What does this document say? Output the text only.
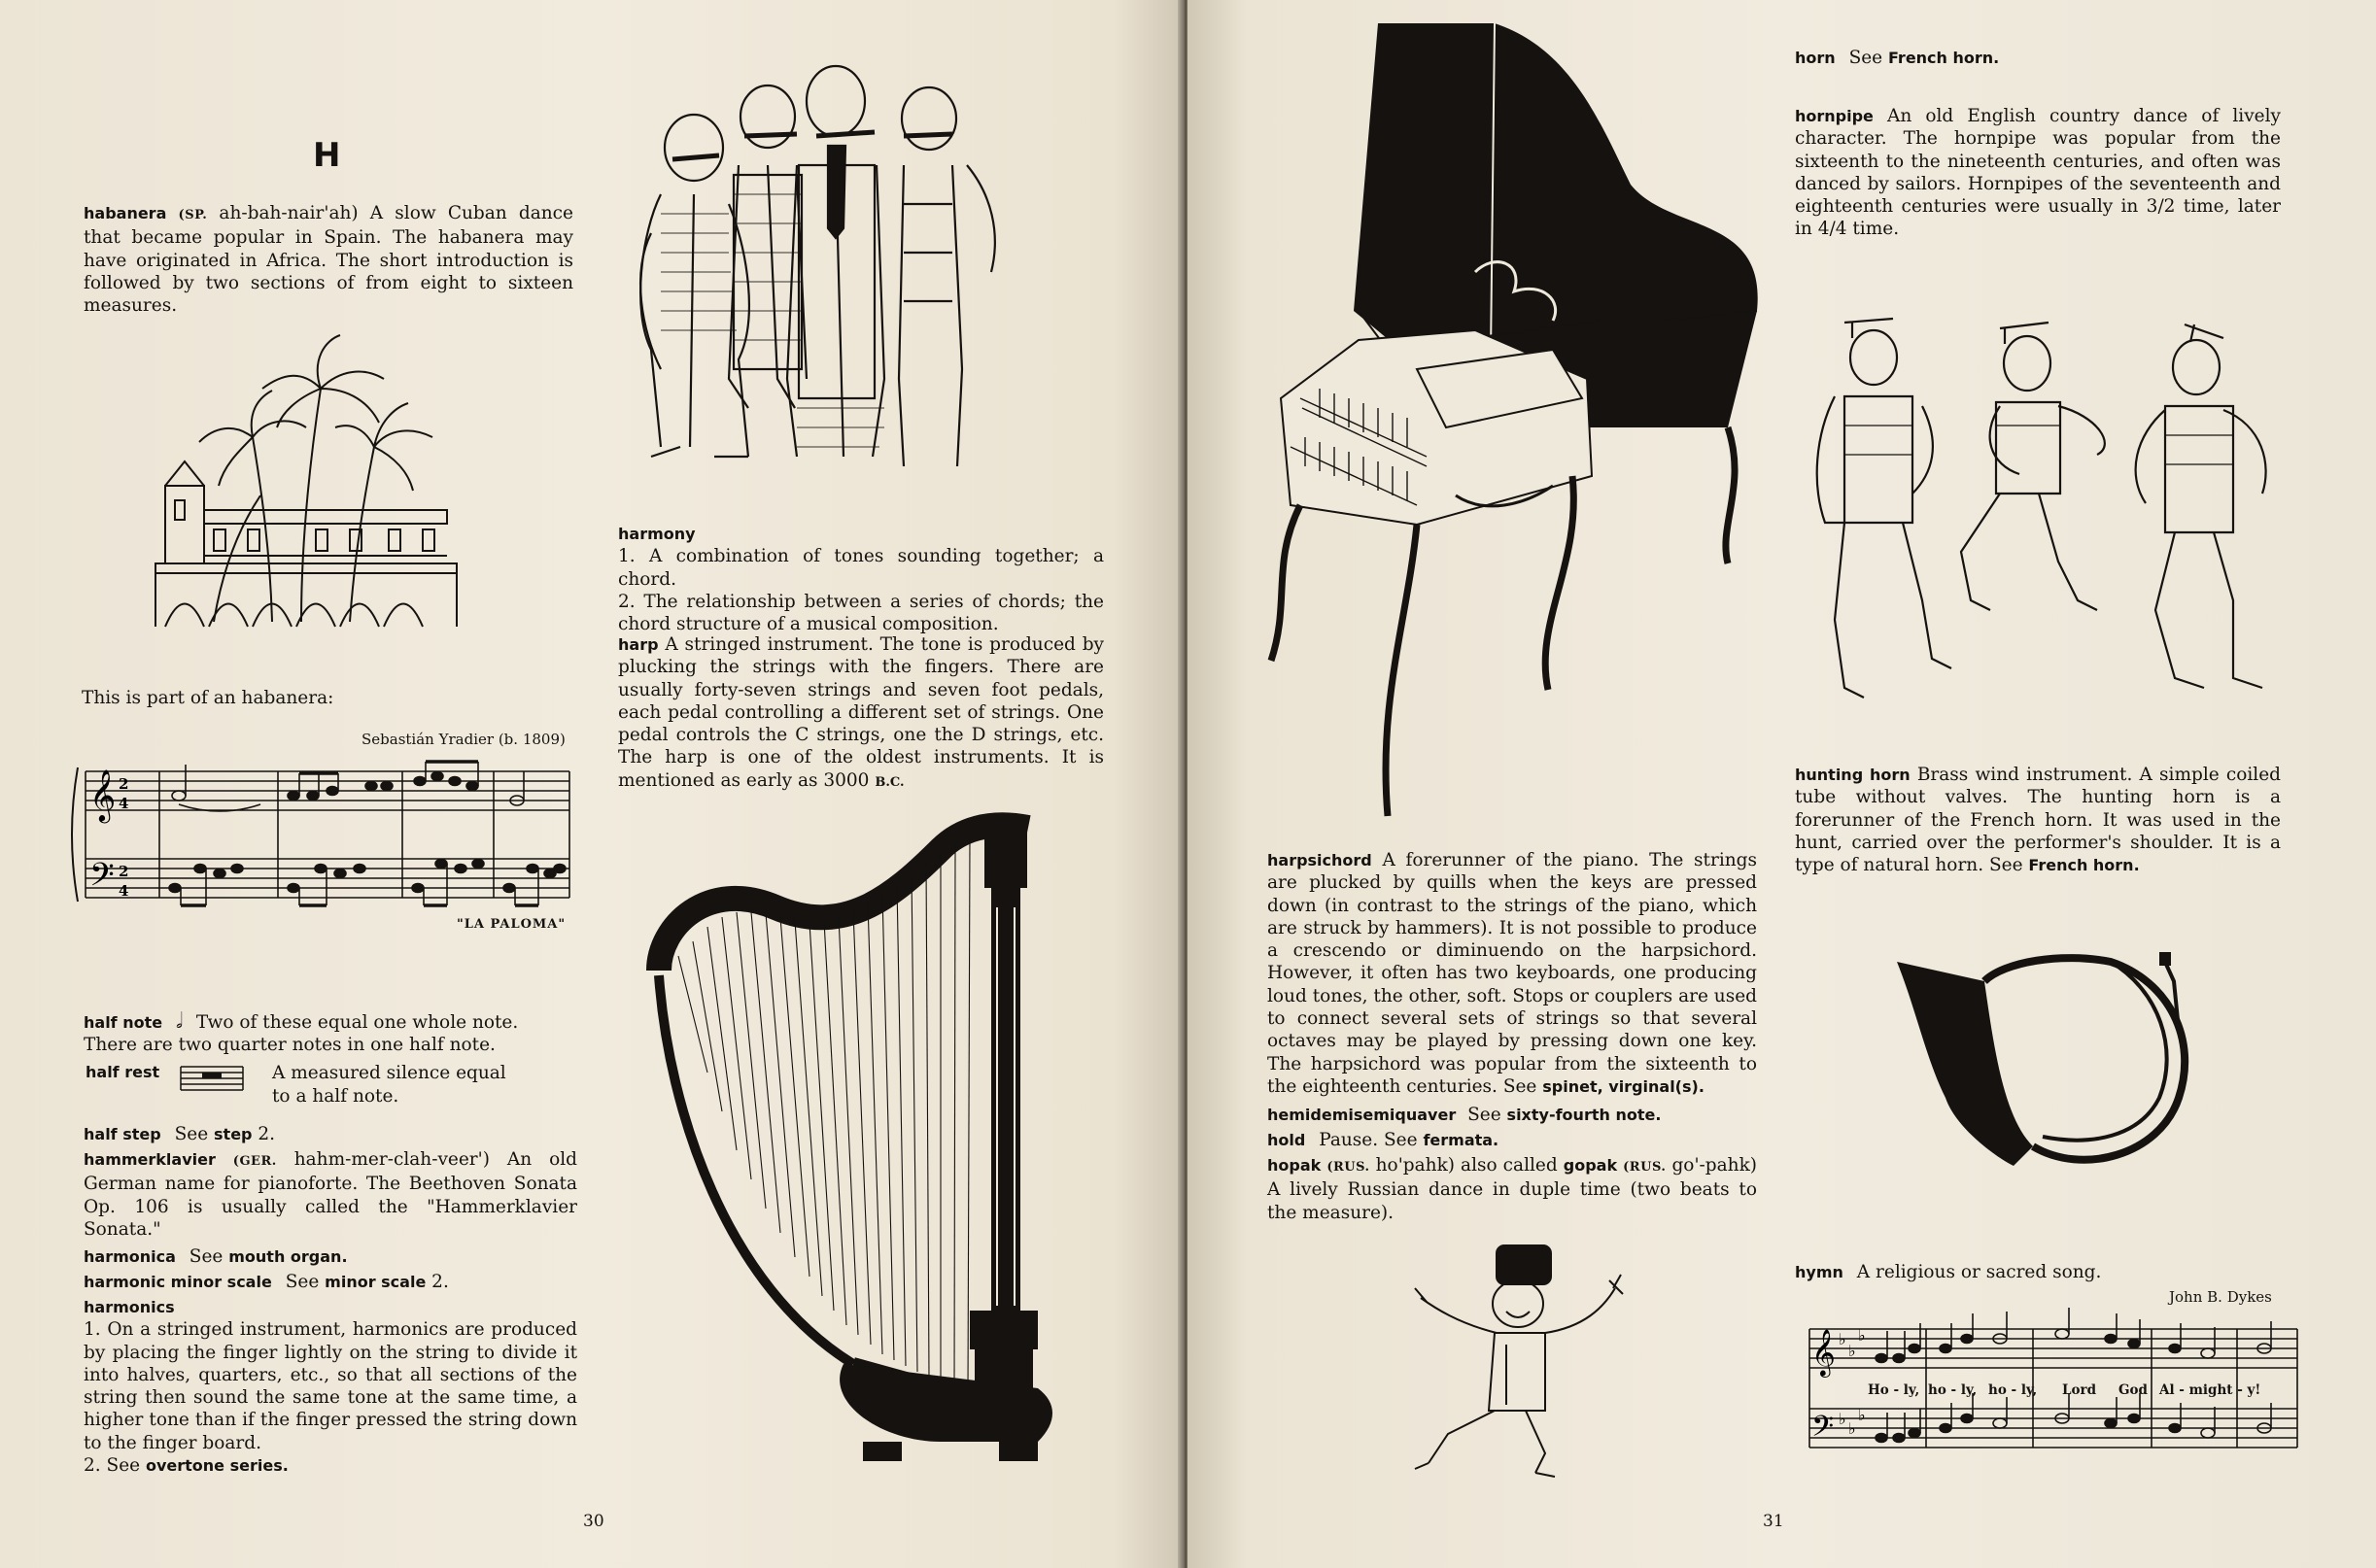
H

habanera (SP. ah-bah-nair'ah) A slow Cuban dance that became popular in Spain. The habanera may have originated in Africa. The short introduction is followed by two sections of from eight to sixteen measures.

This is part of an habanera:
Sebastián Yradier (b. 1809)
𝄞
𝄢
2
4
2
4
"LA PALOMA"

half note 𝅗𝅥 Two of these equal one whole note.
There are two quarter notes in one half note.

half rest	A measured silence equal
to a half note.

half step See step 2.

hammerklavier (GER. hahm-mer-clah-veer') An old German name for pianoforte. The Beethoven Sonata Op. 106 is usually called the "Hammerklavier Sonata."

harmonica See mouth organ.

harmonic minor scale See minor scale 2.

harmonics
1. On a stringed instrument, harmonics are produced by placing the finger lightly on the string to divide it into halves, quarters, etc., so that all sections of the string then sound the same tone at the same time, a higher tone than if the finger pressed the string down to the finger board.
2. See overtone series.
harmony
1. A combination of tones sounding together; a chord.
2. The relationship between a series of chords; the chord structure of a musical composition.

harp A stringed instrument. The tone is produced by plucking the strings with the fingers. There are usually forty-seven strings and seven foot pedals, each pedal controlling a different set of strings. One pedal controls the C strings, one the D strings, etc. The harp is one of the oldest instruments. It is mentioned as early as 3000 B.C.

30

harpsichord A forerunner of the piano. The strings are plucked by quills when the keys are pressed down (in contrast to the strings of the piano, which are struck by hammers). It is not possible to produce a crescendo or diminuendo on the harpsichord. However, it often has two keyboards, one producing loud tones, the other, soft. Stops or couplers are used to connect several sets of strings so that several octaves may be played by pressing down one key. The harpsichord was popular from the sixteenth to the eighteenth centuries. See spinet, virginal(s).

hemidemisemiquaver See sixty-fourth note.

hold Pause. See fermata.

hopak (RUS. ho'pahk) also called gopak (RUS. go'-pahk) A lively Russian dance in duple time (two beats to the measure).

horn See French horn.

hornpipe An old English country dance of lively character. The hornpipe was popular from the sixteenth to the nineteenth centuries, and often was danced by sailors. Hornpipes of the seventeenth and eighteenth centuries were usually in 3/2 time, later in 4/4 time.

hunting horn Brass wind instrument. A simple coiled tube without valves. The hunting horn is a forerunner of the French horn. It was used in the hunt, carried over the performer's shoulder. It is a type of natural horn. See French horn.

hymn A religious or sacred song.

John B. Dykes
𝄞
𝄢
♭
♭
♭
♭
♭
♭
Ho - ly, ho - ly, ho - ly, Lord God Al - might - y!
31
